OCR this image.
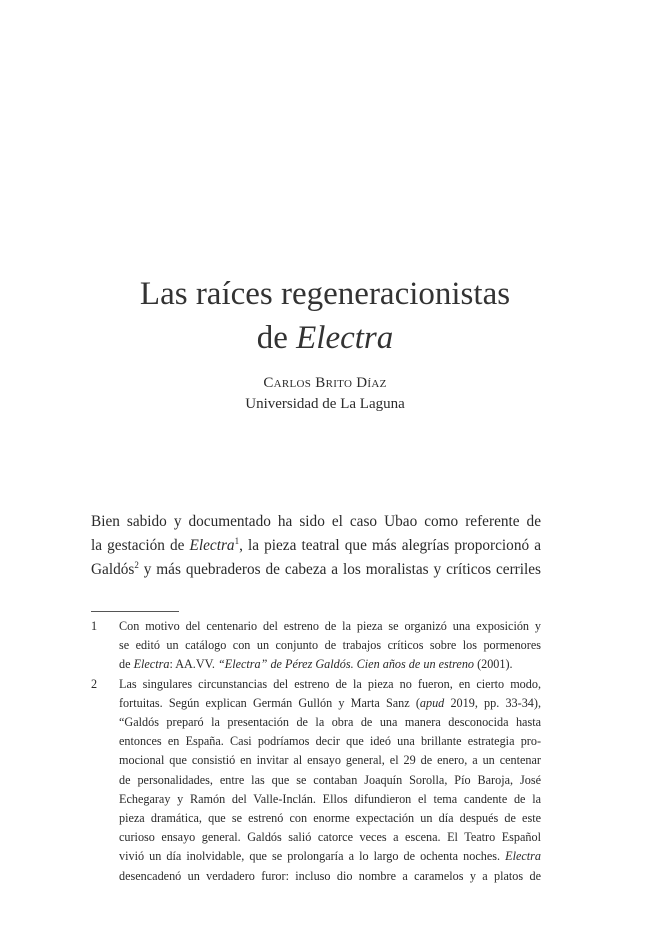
Las raíces regeneracionistas
de Electra
Carlos Brito Díaz
Universidad de La Laguna
Bien sabido y documentado ha sido el caso Ubao como referente de
la gestación de Electra$^1$, la pieza teatral que más alegrías proporcionó a
Galdós$^2$ y más quebraderos de cabeza a los moralistas y críticos cerriles
1 Con motivo del centenario del estreno de la pieza se organizó una exposición y
se editó un catálogo con un conjunto de trabajos críticos sobre los pormenores
de Electra: AA.VV. “Electra” de Pérez Galdós. Cien años de un estreno (2001).
2 Las singulares circunstancias del estreno de la pieza no fueron, en cierto modo,
fortuitas. Según explican Germán Gullón y Marta Sanz (apud 2019, pp. 33-34),
“Galdós preparó la presentación de la obra de una manera desconocida hasta
entonces en España. Casi podríamos decir que ideó una brillante estrategia pro-
mocional que consistió en invitar al ensayo general, el 29 de enero, a un centenar
de personalidades, entre las que se contaban Joaquín Sorolla, Pío Baroja, José
Echegaray y Ramón del Valle-Inclán. Ellos difundieron el tema candente de la
pieza dramática, que se estrenó con enorme expectación un día después de este
curioso ensayo general. Galdós salió catorce veces a escena. El Teatro Español
vivió un día inolvidable, que se prolongaría a lo largo de ochenta noches. Electra
desencadenó un verdadero furor: incluso dio nombre a caramelos y a platos de
